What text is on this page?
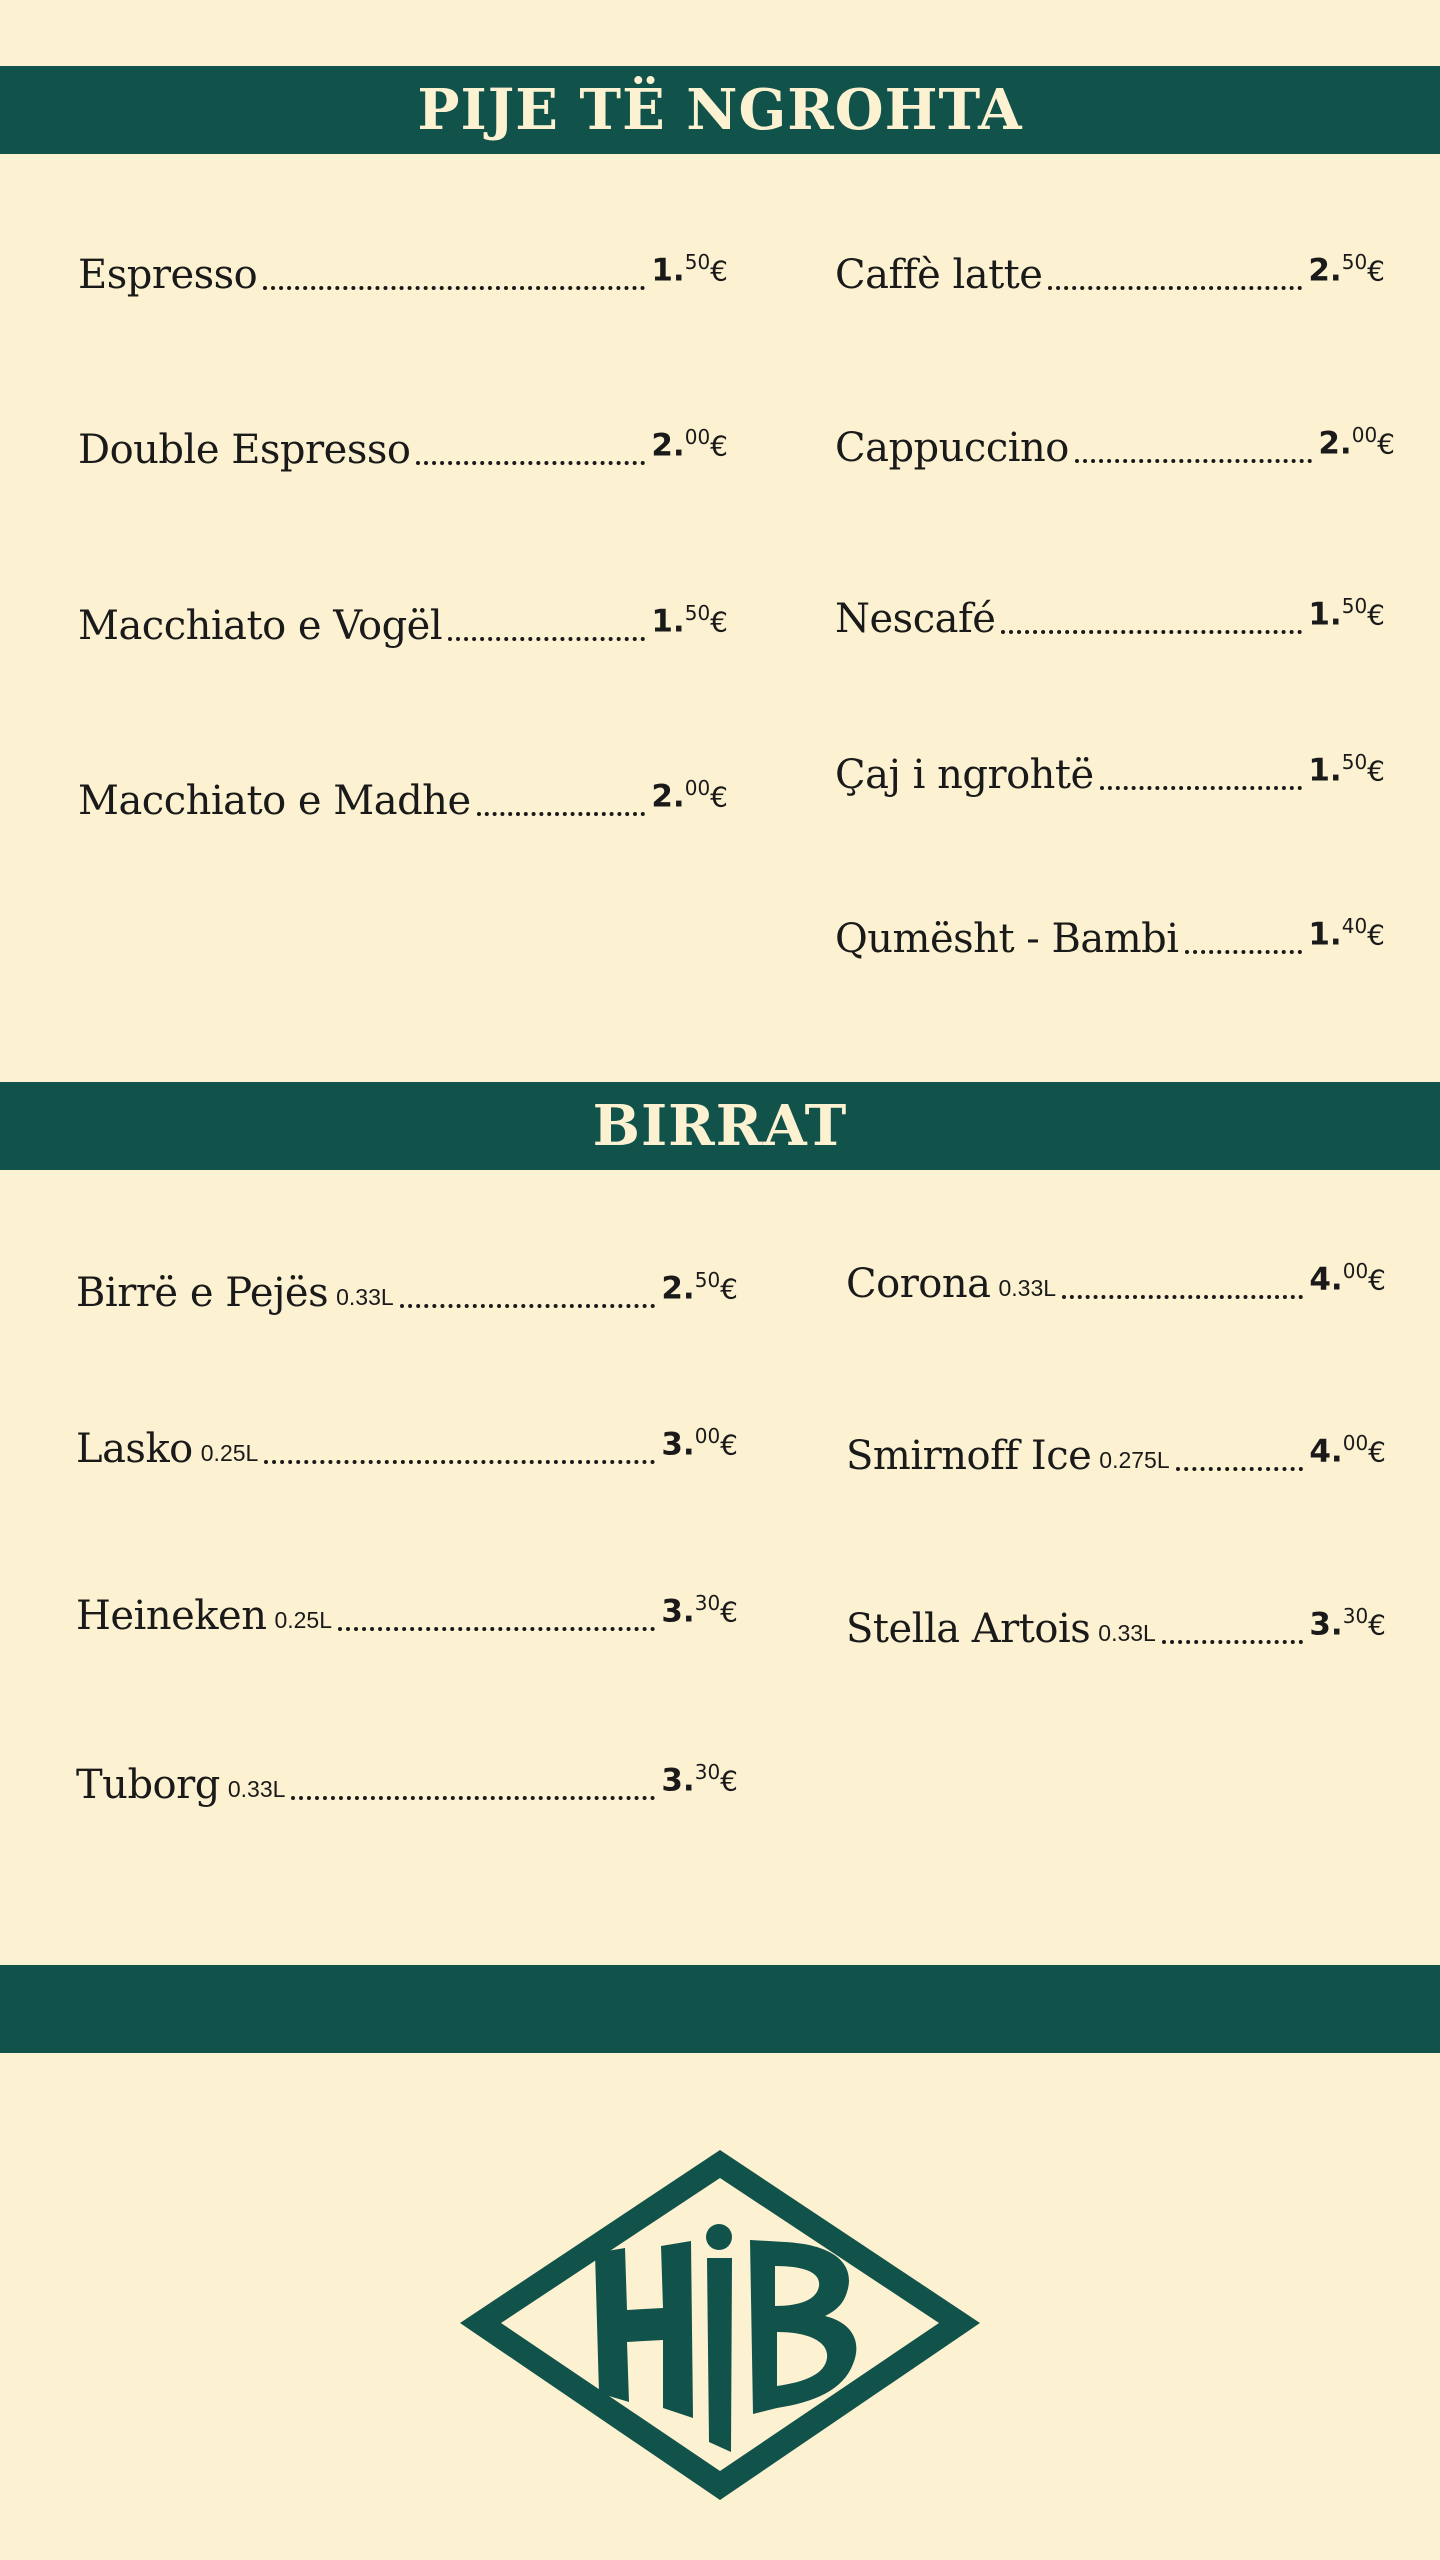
PIJE TË NGROHTA
Espresso	1.50€
Double Espresso	2.00€
Macchiato e Vogël	1.50€
Macchiato e Madhe	2.00€
Caffè latte	2.50€
Cappuccino	2.00€
Nescafé	1.50€
Çaj i ngrohtë	1.50€
Qumësht - Bambi	1.40€
BIRRAT
Birrë e Pejës 0.33L	2.50€
Lasko 0.25L	3.00€
Heineken 0.25L	3.30€
Tuborg 0.33L	3.30€
Corona 0.33L	4.00€
Smirnoff Ice 0.275L	4.00€
Stella Artois 0.33L	3.30€
